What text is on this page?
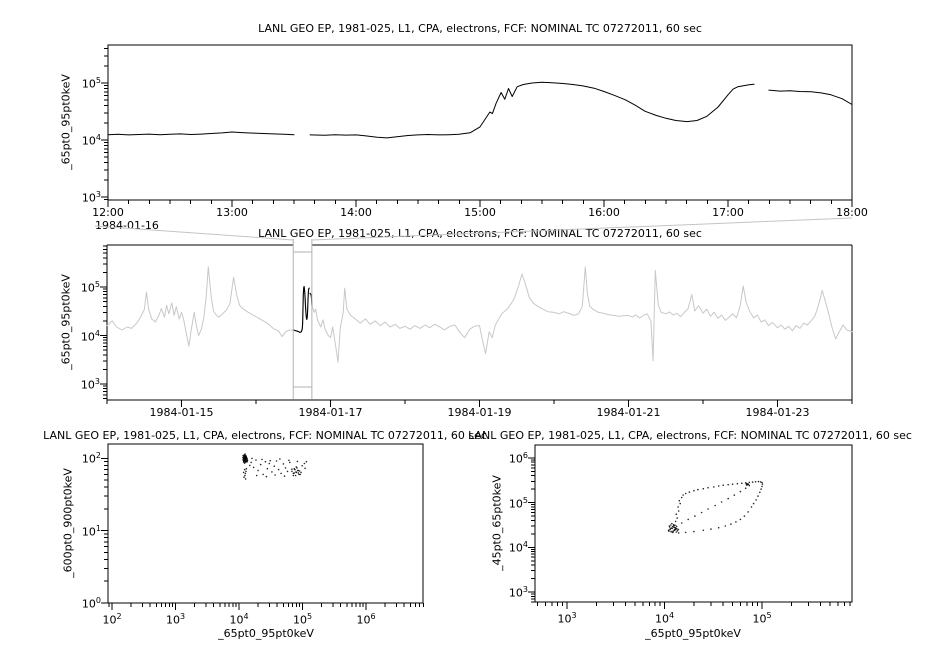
LANL GEO EP, 1981-025, L1, CPA, electrons, FCF: NOMINAL TC 07272011, 60 sec
_65pt0_95pt0keV
1984-01-16
$10^3$
$10^4$
$10^5$
12:00	13:00	14:00	15:00	16:00	17:00	18:00
LANL GEO EP, 1981-025, L1, CPA, electrons, FCF: NOMINAL TC 07272011, 60 sec
_65pt0_95pt0keV
$10^3$
$10^4$
$10^5$
1984-01-15	1984-01-17	1984-01-19	1984-01-21	1984-01-23
LANL GEO EP, 1981-025, L1, CPA, electrons, FCF: NOMINAL TC 07272011, 60 sec
_600pt0_900pt0keV
_65pt0_95pt0keV
$10^0$
$10^1$
$10^2$
$10^2$	$10^3$	$10^4$	$10^5$	$10^6$
LANL GEO EP, 1981-025, L1, CPA, electrons, FCF: NOMINAL TC 07272011, 60 sec
_45pt0_65pt0keV
_65pt0_95pt0keV
$10^3$
$10^4$
$10^5$
$10^6$
$10^3$	$10^4$	$10^5$
